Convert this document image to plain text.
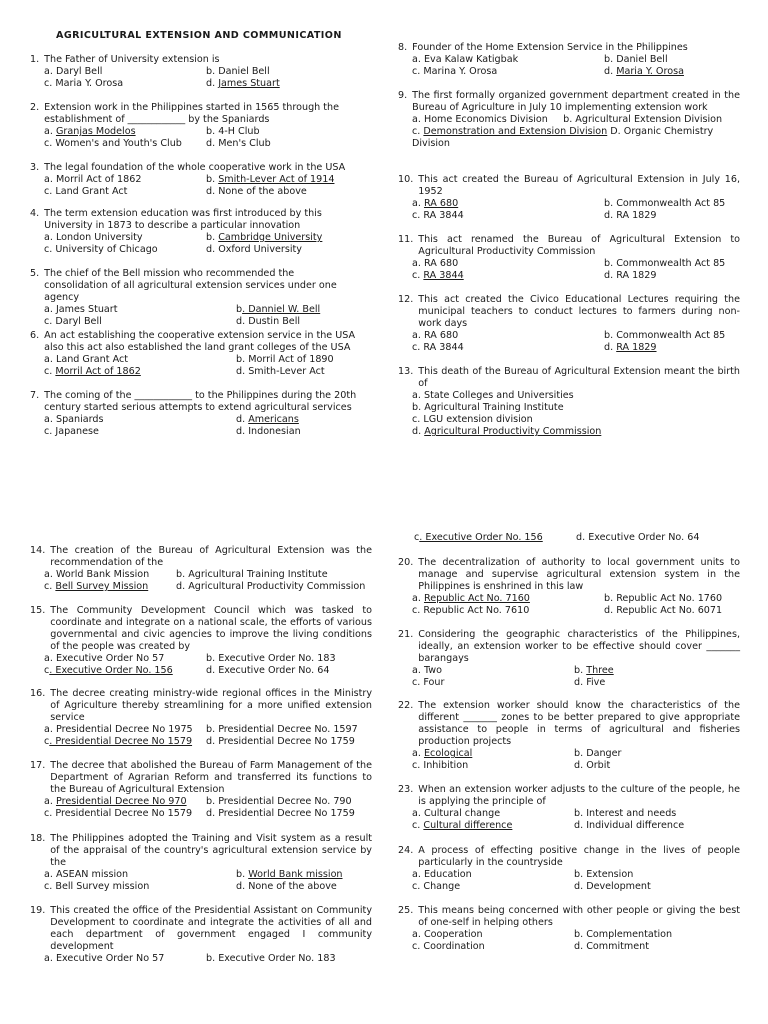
AGRICULTURAL EXTENSION AND COMMUNICATION
1. The Father of University extension is
a. Daryl Bell	b. Daniel Bell
c. Maria Y. Orosa	d. James Stuart
2. Extension work in the Philippines started in 1565 through the establishment of ____________ by the Spaniards
a. Granjas Modelos	b. 4-H Club
c. Women's and Youth's Club	d. Men's Club
3. The legal foundation of the whole cooperative work in the USA
a. Morril Act of 1862	b. Smith-Lever Act of 1914
c. Land Grant Act	d. None of the above
4. The term extension education was first introduced by this University in 1873 to describe a particular innovation
a. London University	b. Cambridge University
c. University of Chicago	d. Oxford University
5. The chief of the Bell mission who recommended the consolidation of all agricultural extension services under one agency
a. James Stuart	b. Danniel W. Bell
c. Daryl Bell	d. Dustin Bell
6. An act establishing the cooperative extension service in the USA also this act also established the land grant colleges of the USA
a. Land Grant Act	b. Morril Act of 1890
c. Morril Act of 1862	d. Smith-Lever Act
7. The coming of the ____________ to the Philippines during the 20th century started serious attempts to extend agricultural services
a. Spaniards	d. Americans
c. Japanese	d. Indonesian
8. Founder of the Home Extension Service in the Philippines
a. Eva Kalaw Katigbak	b. Daniel Bell
c. Marina Y. Orosa	d. Maria Y. Orosa
9. The first formally organized government department created in the Bureau of Agriculture in July 10 implementing extension work
a. Home Economics Division     b. Agricultural Extension Division
c. Demonstration and Extension Division D. Organic Chemistry Division
10. This act created the Bureau of Agricultural Extension in July 16, 1952
a. RA 680	b. Commonwealth Act 85
c. RA 3844	d. RA 1829
11. This act renamed the Bureau of Agricultural Extension to Agricultural Productivity Commission
a. RA 680	b. Commonwealth Act 85
c. RA 3844	d. RA 1829
12. This act created the Civico Educational Lectures requiring the municipal teachers to conduct lectures to farmers during non-work days
a. RA 680	b. Commonwealth Act 85
c. RA 3844	d. RA 1829
13. This death of the Bureau of Agricultural Extension meant the birth of
a. State Colleges and Universities
b. Agricultural Training Institute
c. LGU extension division
d. Agricultural Productivity Commission
c. Executive Order No. 156	d. Executive Order No. 64
14. The creation of the Bureau of Agricultural Extension was the recommendation of the
a. World Bank Mission	b. Agricultural Training Institute
c. Bell Survey Mission	d. Agricultural Productivity Commission
15. The Community Development Council which was tasked to coordinate and integrate on a national scale, the efforts of various governmental and civic agencies to improve the living conditions of the people was created by
a. Executive Order No 57	b. Executive Order No. 183
c. Executive Order No. 156	d. Executive Order No. 64
16. The decree creating ministry-wide regional offices in the Ministry of Agriculture thereby streamlining for a more unified extension service
a. Presidential Decree No 1975	b. Presidential Decree No. 1597
c. Presidential Decree No 1579	d. Presidential Decree No 1759
17. The decree that abolished the Bureau of Farm Management of the Department of Agrarian Reform and transferred its functions to the Bureau of Agricultural Extension
a. Presidential Decree No 970	b. Presidential Decree No. 790
c. Presidential Decree No 1579	d. Presidential Decree No 1759
18. The Philippines adopted the Training and Visit system as a result of the appraisal of the country's agricultural extension service by the
a. ASEAN mission	b. World Bank mission
c. Bell Survey mission	d. None of the above
19. This created the office of the Presidential Assistant on Community Development to coordinate and integrate the activities of all and each department of government engaged I community development
a. Executive Order No 57	b. Executive Order No. 183
20. The decentralization of authority to local government units to manage and supervise agricultural extension system in the Philippines is enshrined in this law
a. Republic Act No. 7160	b. Republic Act No. 1760
c. Republic Act No. 7610	d. Republic Act No. 6071
21. Considering the geographic characteristics of the Philippines, ideally, an extension worker to be effective should cover _______ barangays
a. Two	b. Three
c. Four	d. Five
22. The extension worker should know the characteristics of the different _______ zones to be better prepared to give appropriate assistance to people in terms of agricultural and fisheries production projects
a. Ecological	b. Danger
c. Inhibition	d. Orbit
23. When an extension worker adjusts to the culture of the people, he is applying the principle of
a. Cultural change	b. Interest and needs
c. Cultural difference	d. Individual difference
24. A process of effecting positive change in the lives of people particularly in the countryside
a. Education	b. Extension
c. Change	d. Development
25. This means being concerned with other people or giving the best of one-self in helping others
a. Cooperation	b. Complementation
c. Coordination	d. Commitment
